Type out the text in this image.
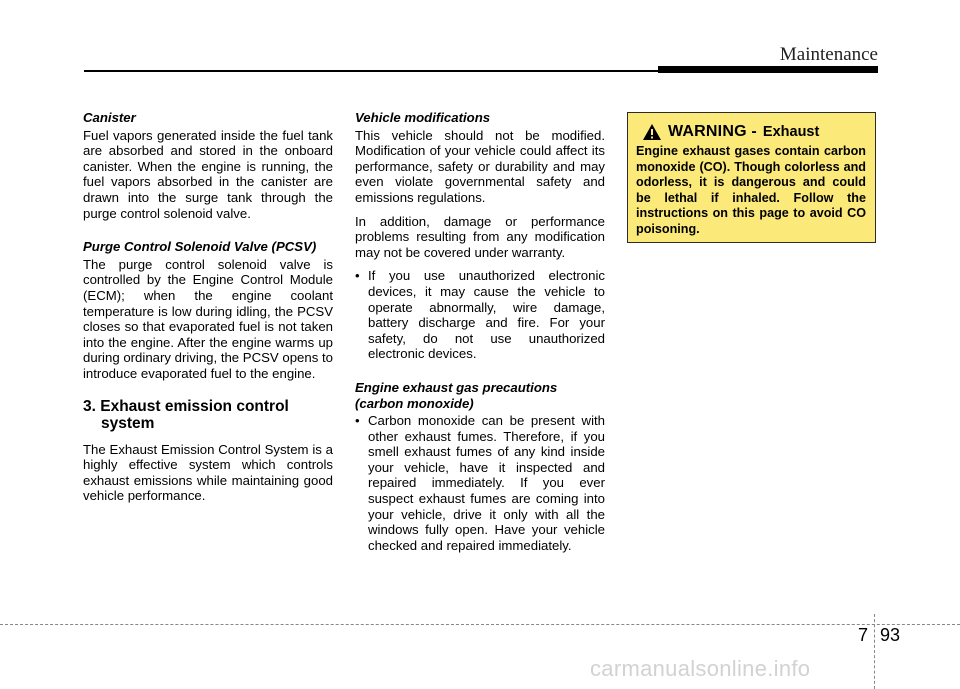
Maintenance
Canister

Fuel vapors generated inside the fuel tank are absorbed and stored in the onboard canister. When the engine is running, the fuel vapors absorbed in the canister are drawn into the surge tank through the purge control solenoid valve.

Purge Control Solenoid Valve (PCSV)

The purge control solenoid valve is controlled by the Engine Control Module (ECM); when the engine coolant temperature is low during idling, the PCSV closes so that evaporated fuel is not taken into the engine. After the engine warms up during ordinary driving, the PCSV opens to introduce evaporated fuel to the engine.

3. Exhaust emission control
system

The Exhaust Emission Control System is a highly effective system which controls exhaust emissions while maintaining good vehicle performance.

Vehicle modifications

This vehicle should not be modified. Modification of your vehicle could affect its performance, safety or durability and may even violate governmental safety and emissions regulations.

In addition, damage or performance problems resulting from any modification may not be covered under warranty.

• If you use unauthorized electronic devices, it may cause the vehicle to operate abnormally, wire damage, battery discharge and fire. For your safety, do not use unauthorized electronic devices.
Engine exhaust gas precautions
(carbon monoxide)
• Carbon monoxide can be present with other exhaust fumes. Therefore, if you smell exhaust fumes of any kind inside your vehicle, have it inspected and repaired immediately. If you ever suspect exhaust fumes are coming into your vehicle, drive it only with all the windows fully open. Have your vehicle checked and repaired immediately.
WARNING - Exhaust
Engine exhaust gases contain carbon monoxide (CO). Though colorless and odorless, it is dangerous and could be lethal if inhaled. Follow the instructions on this page to avoid CO poisoning.
7 93
carmanualsonline.info
